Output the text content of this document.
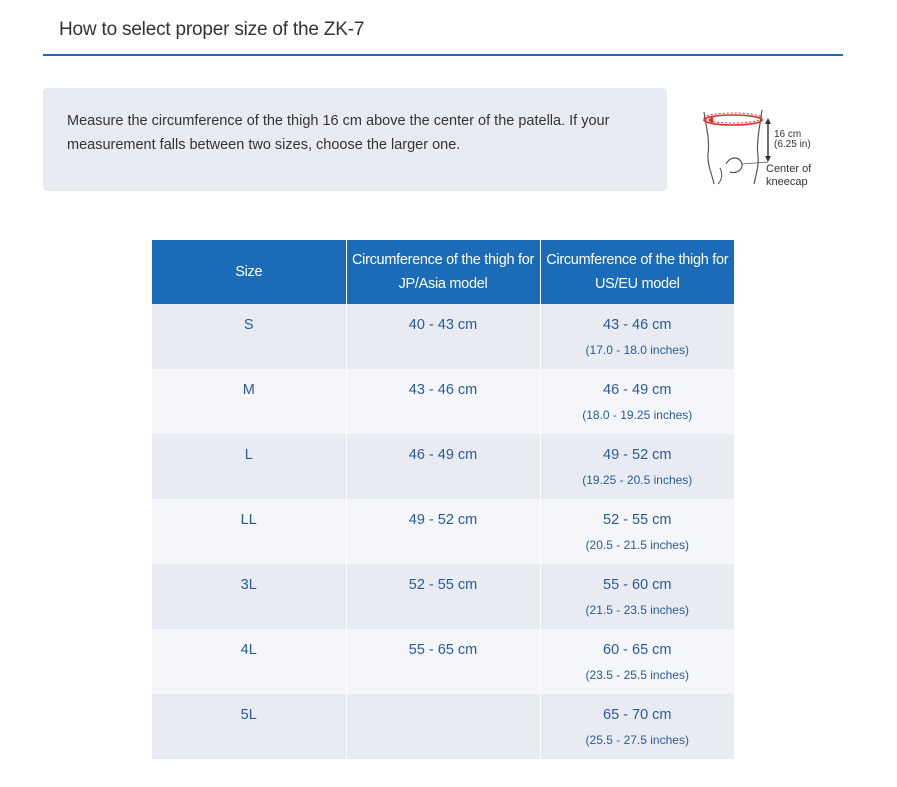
How to select proper size of the ZK-7
Measure the circumference of the thigh 16 cm above the center of the patella. If your measurement falls between two sizes, choose the larger one.
16 cm
(6.25 in)
Center of
kneecap
Size	Circumference of the thigh for JP/Asia model	Circumference of the thigh for US/EU model

S	40 - 43 cm	43 - 46 cm
(17.0 - 18.0 inches)

M	43 - 46 cm	46 - 49 cm
(18.0 - 19.25 inches)

L	46 - 49 cm	49 - 52 cm
(19.25 - 20.5 inches)

LL	49 - 52 cm	52 - 55 cm
(20.5 - 21.5 inches)

3L	52 - 55 cm	55 - 60 cm
(21.5 - 23.5 inches)

4L	55 - 65 cm	60 - 65 cm
(23.5 - 25.5 inches)

5L		65 - 70 cm
(25.5 - 27.5 inches)
